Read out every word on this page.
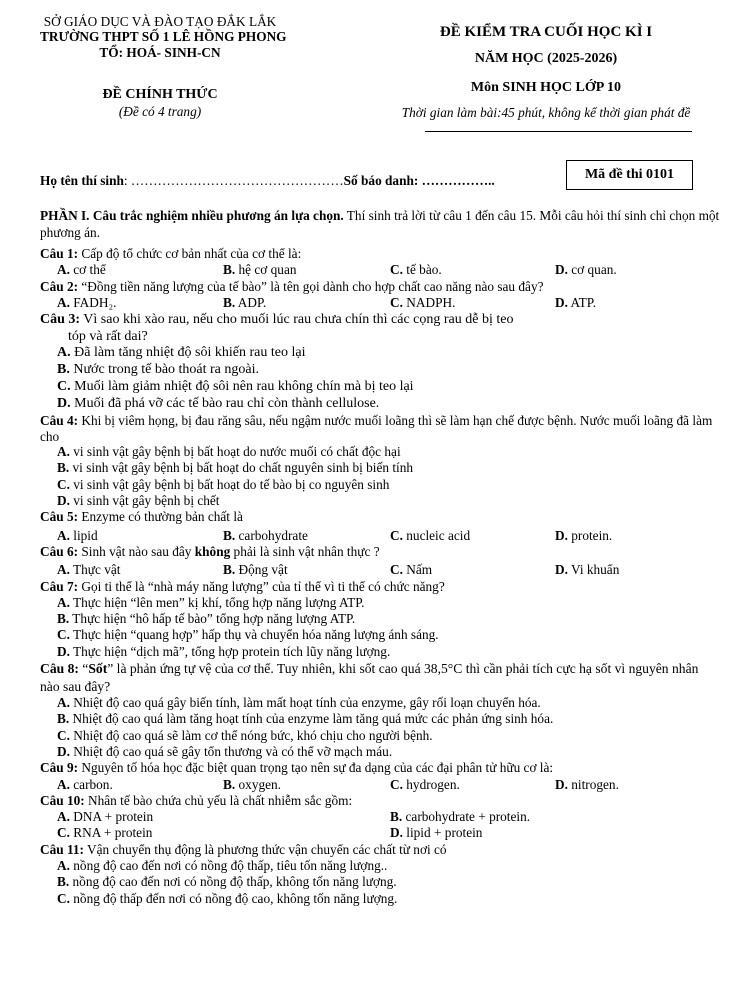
SỞ GIÁO DỤC VÀ ĐÀO TẠO ĐẮK LẮK
TRƯỜNG THPT SỐ 1 LÊ HỒNG PHONG
TỔ: HOÁ- SINH-CN
ĐỀ KIỂM TRA CUỐI HỌC KÌ I
NĂM HỌC (2025-2026)
Môn SINH HỌC LỚP 10
Thời gian làm bài:45 phút, không kể thời gian phát đề
ĐỀ CHÍNH THỨC
(Đề có 4 trang)
Họ tên thí sinh: …………………………………………Số báo danh: ……………..	Mã đề thi 0101
PHẦN I. Câu trắc nghiệm nhiều phương án lựa chọn. Thí sinh trả lời từ câu 1 đến câu 15. Mỗi câu hỏi thí sinh chỉ chọn một phương án.
Câu 1: Cấp độ tổ chức cơ bản nhất của cơ thể là:
A. cơ thể	B. hệ cơ quan	C. tế bào.	D. cơ quan.
Câu 2: “Đồng tiền năng lượng của tế bào” là tên gọi dành cho hợp chất cao năng nào sau đây?
A. FADH₂.	B. ADP.	C. NADPH.	D. ATP.
Câu 3: Vì sao khi xào rau, nếu cho muối lúc rau chưa chín thì các cọng rau dễ bị teo
tóp và rất dai?
A. Đã làm tăng nhiệt độ sôi khiến rau teo lại
B. Nước trong tế bào thoát ra ngoài.
C. Muối làm giảm nhiệt độ sôi nên rau không chín mà bị teo lại
D. Muối đã phá vỡ các tế bào rau chỉ còn thành cellulose.
Câu 4: Khi bị viêm họng, bị đau răng sâu, nếu ngậm nước muối loãng thì sẽ làm hạn chế được bệnh. Nước muối loãng đã làm cho
A. vi sinh vật gây bệnh bị bất hoạt do nước muối có chất độc hại
B. vi sinh vật gây bệnh bị bất hoạt do chất nguyên sinh bị biến tính
C. vi sinh vật gây bệnh bị bất hoạt do tế bào bị co nguyên sinh
D. vi sinh vật gây bệnh bị chết
Câu 5: Enzyme có thường bản chất là
A. lipid	B. carbohydrate	C. nucleic acid	D. protein.
Câu 6: Sinh vật nào sau đây không phải là sinh vật nhân thực ?
A. Thực vật	B. Động vật	C. Nấm	D. Vi khuẩn
Câu 7: Gọi ti thể là “nhà máy năng lượng” của tỉ thể vì ti thể có chức năng?
A. Thực hiện “lên men” kị khí, tổng hợp năng lượng ATP.
B. Thực hiện “hô hấp tế bào” tổng hợp năng lượng ATP.
C. Thực hiện “quang hợp” hấp thụ và chuyển hóa năng lượng ánh sáng.
D. Thực hiện “dịch mã”, tổng hợp protein tích lũy năng lượng.
Câu 8: “Sốt” là phản ứng tự vệ của cơ thể. Tuy nhiên, khi sốt cao quá 38,5°C thì cần phải tích cực hạ sốt vì nguyên nhân nào sau đây?
A. Nhiệt độ cao quá gây biến tính, làm mất hoạt tính của enzyme, gây rối loạn chuyển hóa.
B. Nhiệt độ cao quá làm tăng hoạt tính của enzyme làm tăng quá mức các phản ứng sinh hóa.
C. Nhiệt độ cao quá sẽ làm cơ thể nóng bức, khó chịu cho người bệnh.
D. Nhiệt độ cao quá sẽ gây tổn thương và có thể vỡ mạch máu.
Câu 9: Nguyên tố hóa học đặc biệt quan trọng tạo nên sự đa dạng của các đại phân tử hữu cơ là:
A. carbon.	B. oxygen.	C. hydrogen.	D. nitrogen.
Câu 10: Nhân tế bào chứa chủ yếu là chất nhiễm sắc gồm:
A. DNA + protein	B. carbohydrate + protein.
C. RNA + protein	D. lipid + protein
Câu 11: Vận chuyển thụ động là phương thức vận chuyển các chất từ nơi có
A. nồng độ cao đến nơi có nồng độ thấp, tiêu tốn năng lượng..
B. nồng độ cao đến nơi có nồng độ thấp, không tốn năng lượng.
C. nồng độ thấp đến nơi có nồng độ cao, không tốn năng lượng.
